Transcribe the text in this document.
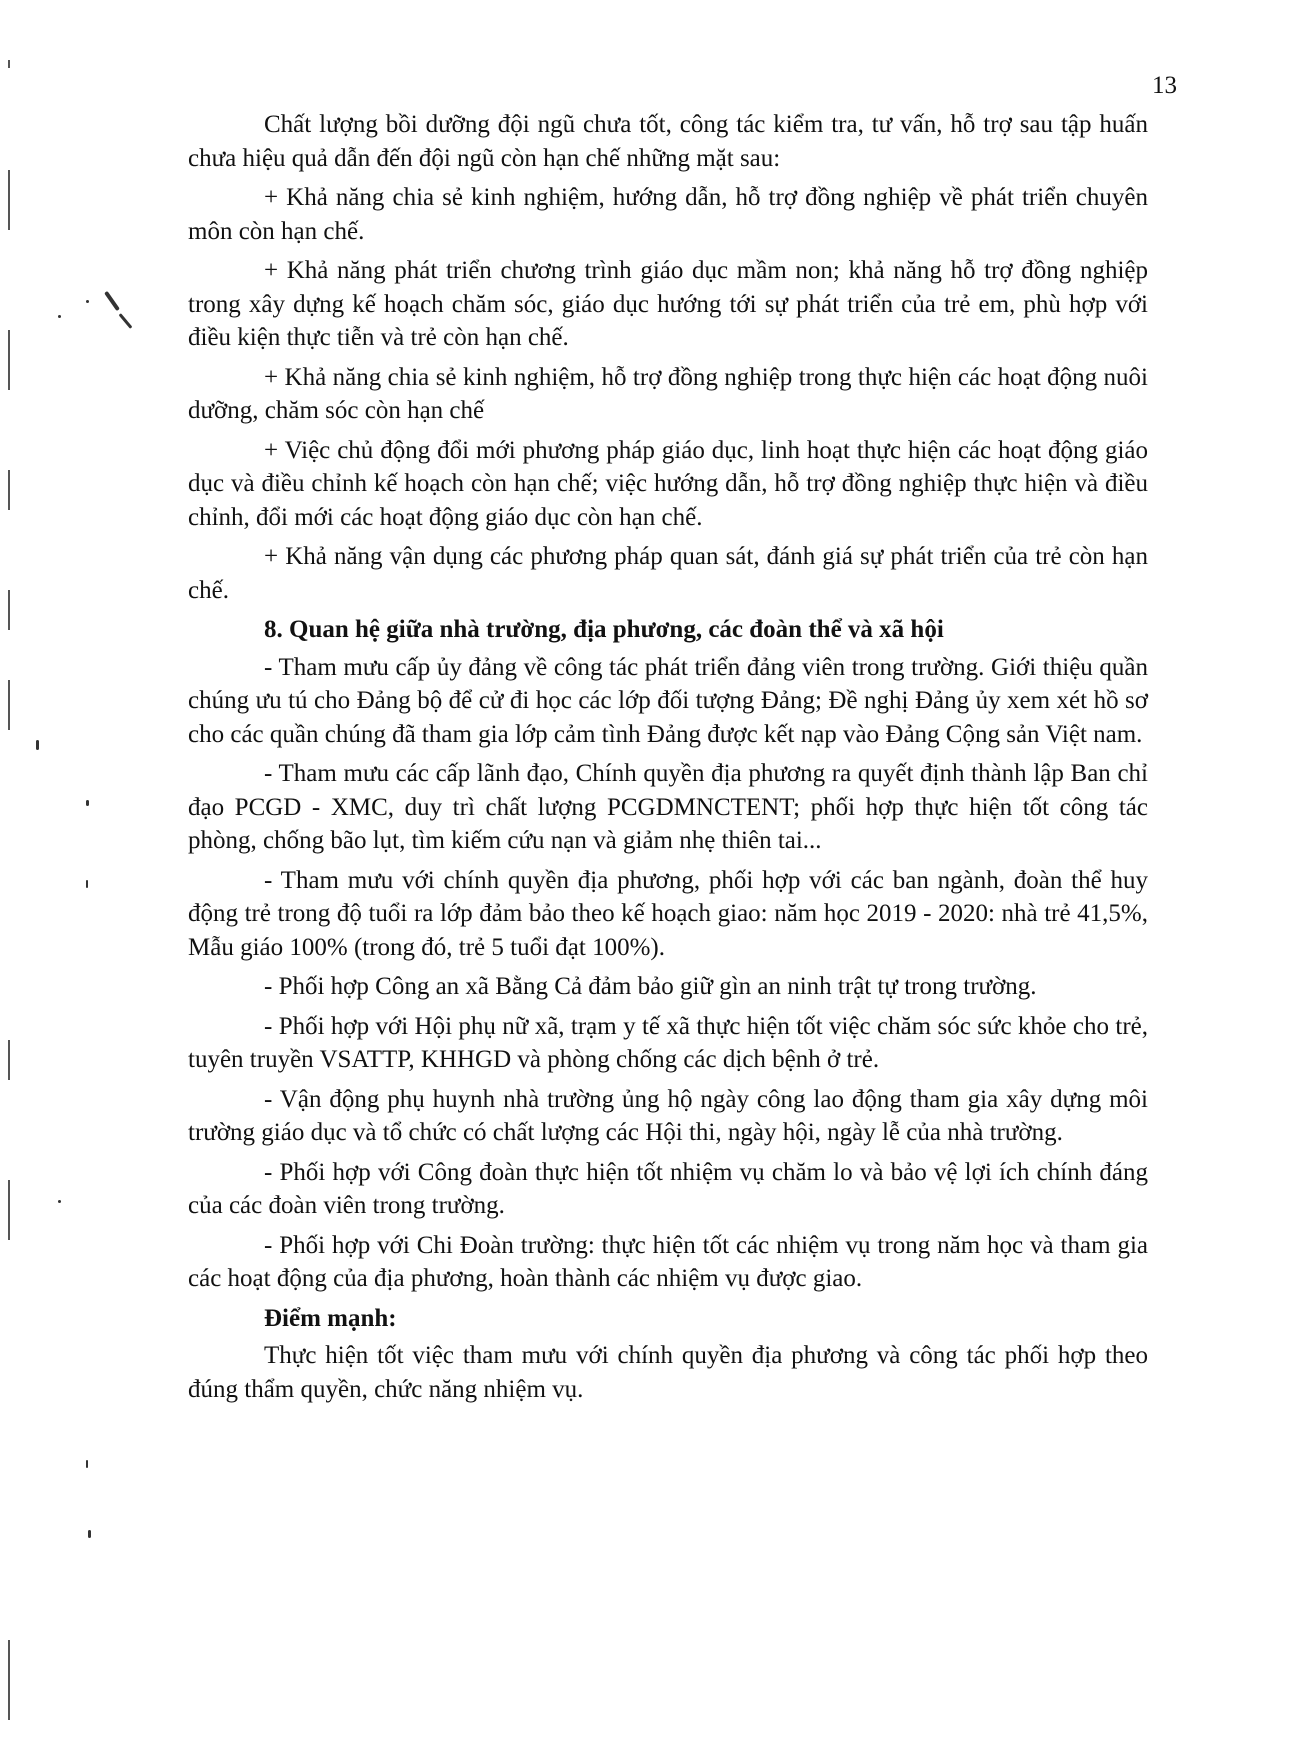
13

Chất lượng bồi dưỡng đội ngũ chưa tốt, công tác kiểm tra, tư vấn, hỗ trợ sau tập huấn chưa hiệu quả dẫn đến đội ngũ còn hạn chế những mặt sau:

+ Khả năng chia sẻ kinh nghiệm, hướng dẫn, hỗ trợ đồng nghiệp về phát triển chuyên môn còn hạn chế.

+ Khả năng phát triển chương trình giáo dục mầm non; khả năng hỗ trợ đồng nghiệp trong xây dựng kế hoạch chăm sóc, giáo dục hướng tới sự phát triển của trẻ em, phù hợp với điều kiện thực tiễn và trẻ còn hạn chế.

+ Khả năng chia sẻ kinh nghiệm, hỗ trợ đồng nghiệp trong thực hiện các hoạt động nuôi dưỡng, chăm sóc còn hạn chế

+ Việc chủ động đổi mới phương pháp giáo dục, linh hoạt thực hiện các hoạt động giáo dục và điều chỉnh kế hoạch còn hạn chế; việc hướng dẫn, hỗ trợ đồng nghiệp thực hiện và điều chỉnh, đổi mới các hoạt động giáo dục còn hạn chế.

+ Khả năng vận dụng các phương pháp quan sát, đánh giá sự phát triển của trẻ còn hạn chế.

8. Quan hệ giữa nhà trường, địa phương, các đoàn thể và xã hội

- Tham mưu cấp ủy đảng về công tác phát triển đảng viên trong trường. Giới thiệu quần chúng ưu tú cho Đảng bộ để cử đi học các lớp đối tượng Đảng; Đề nghị Đảng ủy xem xét hồ sơ cho các quần chúng đã tham gia lớp cảm tình Đảng được kết nạp vào Đảng Cộng sản Việt nam.

- Tham mưu các cấp lãnh đạo, Chính quyền địa phương ra quyết định thành lập Ban chỉ đạo PCGD - XMC, duy trì chất lượng PCGDMNCTENT; phối hợp thực hiện tốt công tác phòng, chống bão lụt, tìm kiếm cứu nạn và giảm nhẹ thiên tai...

- Tham mưu với chính quyền địa phương, phối hợp với các ban ngành, đoàn thể huy động trẻ trong độ tuổi ra lớp đảm bảo theo kế hoạch giao: năm học 2019 - 2020: nhà trẻ 41,5%, Mẫu giáo 100% (trong đó, trẻ 5 tuổi đạt 100%).

- Phối hợp Công an xã Bằng Cả đảm bảo giữ gìn an ninh trật tự trong trường.

- Phối hợp với Hội phụ nữ xã, trạm y tế xã thực hiện tốt việc chăm sóc sức khỏe cho trẻ, tuyên truyền VSATTP, KHHGD và phòng chống các dịch bệnh ở trẻ.

- Vận động phụ huynh nhà trường ủng hộ ngày công lao động tham gia xây dựng môi trường giáo dục và tổ chức có chất lượng các Hội thi, ngày hội, ngày lễ của nhà trường.

- Phối hợp với Công đoàn thực hiện tốt nhiệm vụ chăm lo và bảo vệ lợi ích chính đáng của các đoàn viên trong trường.

- Phối hợp với Chi Đoàn trường: thực hiện tốt các nhiệm vụ trong năm học và tham gia các hoạt động của địa phương, hoàn thành các nhiệm vụ được giao.

Điểm mạnh:

Thực hiện tốt việc tham mưu với chính quyền địa phương và công tác phối hợp theo đúng thẩm quyền, chức năng nhiệm vụ.
